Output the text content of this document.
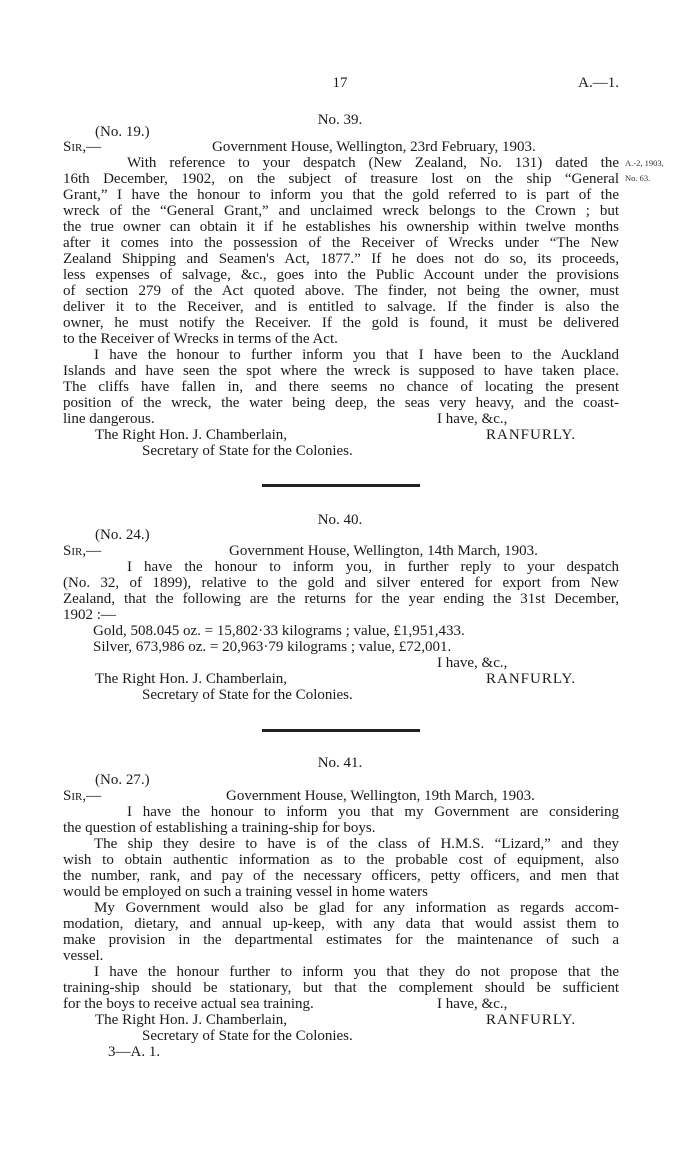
17	A.—1.
No. 39.
(No. 19.)
Sir,—	Government House, Wellington, 23rd February, 1903.
A.-2, 1903,
No. 63.
With reference to your despatch (New Zealand, No. 131) dated the
16th December, 1902, on the subject of treasure lost on the ship “General
Grant,” I have the honour to inform you that the gold referred to is part of the
wreck of the “General Grant,” and unclaimed wreck belongs to the Crown ; but
the true owner can obtain it if he establishes his ownership within twelve months
after it comes into the possession of the Receiver of Wrecks under “The New
Zealand Shipping and Seamen's Act, 1877.” If he does not do so, its proceeds,
less expenses of salvage, &c., goes into the Public Account under the provisions
of section 279 of the Act quoted above. The finder, not being the owner, must
deliver it to the Receiver, and is entitled to salvage. If the finder is also the
owner, he must notify the Receiver. If the gold is found, it must be delivered
to the Receiver of Wrecks in terms of the Act.
I have the honour to further inform you that I have been to the Auckland
Islands and have seen the spot where the wreck is supposed to have taken place.
The cliffs have fallen in, and there seems no chance of locating the present
position of the wreck, the water being deep, the seas very heavy, and the coast-
line dangerous.	I have, &c.,
The Right Hon. J. Chamberlain,	RANFURLY.
Secretary of State for the Colonies.
No. 40.
(No. 24.)
Sir,—	Government House, Wellington, 14th March, 1903.
I have the honour to inform you, in further reply to your despatch
(No. 32, of 1899), relative to the gold and silver entered for export from New
Zealand, that the following are the returns for the year ending the 31st December,
1902 :—
Gold, 508.045 oz. = 15,802·33 kilograms ; value, £1,951,433.
Silver, 673,986 oz. = 20,963·79 kilograms ; value, £72,001.
I have, &c.,
The Right Hon. J. Chamberlain,	RANFURLY.
Secretary of State for the Colonies.
No. 41.
(No. 27.)
Sir,—	Government House, Wellington, 19th March, 1903.
I have the honour to inform you that my Government are considering
the question of establishing a training-ship for boys.
The ship they desire to have is of the class of H.M.S. “Lizard,” and they
wish to obtain authentic information as to the probable cost of equipment, also
the number, rank, and pay of the necessary officers, petty officers, and men that
would be employed on such a training vessel in home waters
My Government would also be glad for any information as regards accom-
modation, dietary, and annual up-keep, with any data that would assist them to
make provision in the departmental estimates for the maintenance of such a
vessel.
I have the honour further to inform you that they do not propose that the
training-ship should be stationary, but that the complement should be sufficient
for the boys to receive actual sea training.	I have, &c.,
The Right Hon. J. Chamberlain,	RANFURLY.
Secretary of State for the Colonies.
3—A. 1.
